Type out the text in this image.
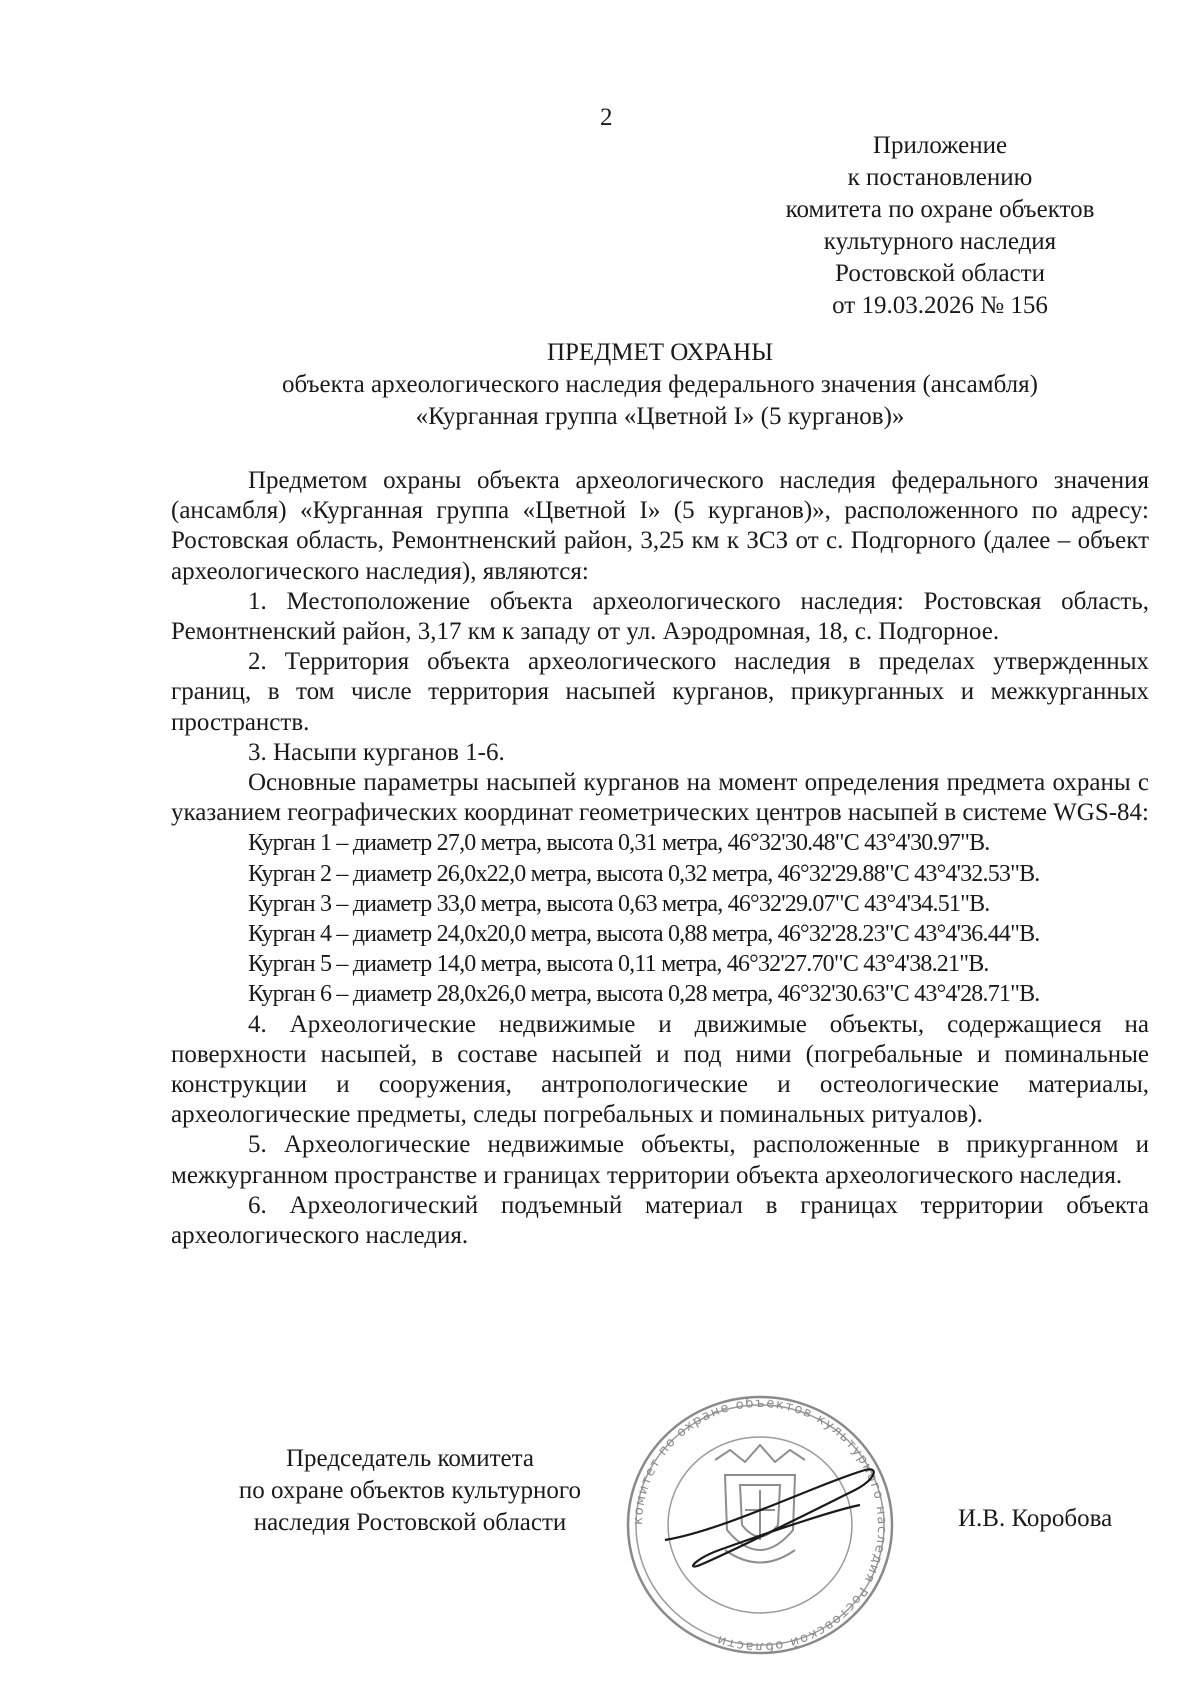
2
Приложение
к постановлению
комитета по охране объектов
культурного наследия
Ростовской области
от 19.03.2026 № 156
ПРЕДМЕТ ОХРАНЫ
объекта археологического наследия федерального значения (ансамбля)
«Курганная группа «Цветной I» (5 курганов)»

Предметом охраны объекта археологического наследия федерального значения (ансамбля) «Курганная группа «Цветной I» (5 курганов)», расположенного по адресу: Ростовская область, Ремонтненский район, 3,25 км к ЗСЗ от с. Подгорного (далее – объект археологического наследия), являются:

1. Местоположение объекта археологического наследия: Ростовская область, Ремонтненский район, 3,17 км к западу от ул. Аэродромная, 18, с. Подгорное.

2. Территория объекта археологического наследия в пределах утвержденных границ, в том числе территория насыпей курганов, прикурганных и межкурганных пространств.

3. Насыпи курганов 1-6.

Основные параметры насыпей курганов на момент определения предмета охраны с указанием географических координат геометрических центров насыпей в системе WGS-84:

Курган 1 – диаметр 27,0 метра, высота 0,31 метра, 46°32'30.48"С 43°4'30.97"В.
Курган 2 – диаметр 26,0х22,0 метра, высота 0,32 метра, 46°32'29.88"С 43°4'32.53"В.
Курган 3 – диаметр 33,0 метра, высота 0,63 метра, 46°32'29.07"С 43°4'34.51"В.
Курган 4 – диаметр 24,0х20,0 метра, высота 0,88 метра, 46°32'28.23"С 43°4'36.44"В.
Курган 5 – диаметр 14,0 метра, высота 0,11 метра, 46°32'27.70"С 43°4'38.21"В.
Курган 6 – диаметр 28,0х26,0 метра, высота 0,28 метра, 46°32'30.63"С 43°4'28.71"В.

4. Археологические недвижимые и движимые объекты, содержащиеся на поверхности насыпей, в составе насыпей и под ними (погребальные и поминальные конструкции и сооружения, антропологические и остеологические материалы, археологические предметы, следы погребальных и поминальных ритуалов).

5. Археологические недвижимые объекты, расположенные в прикурганном и межкурганном пространстве и границах территории объекта археологического наследия.

6. Археологический подъемный материал в границах территории объекта археологического наследия.

Председатель комитета
по охране объектов культурного
наследия Ростовской области	комитет по охране объектов культурного наследия Ростовской области
И.В. Коробова
